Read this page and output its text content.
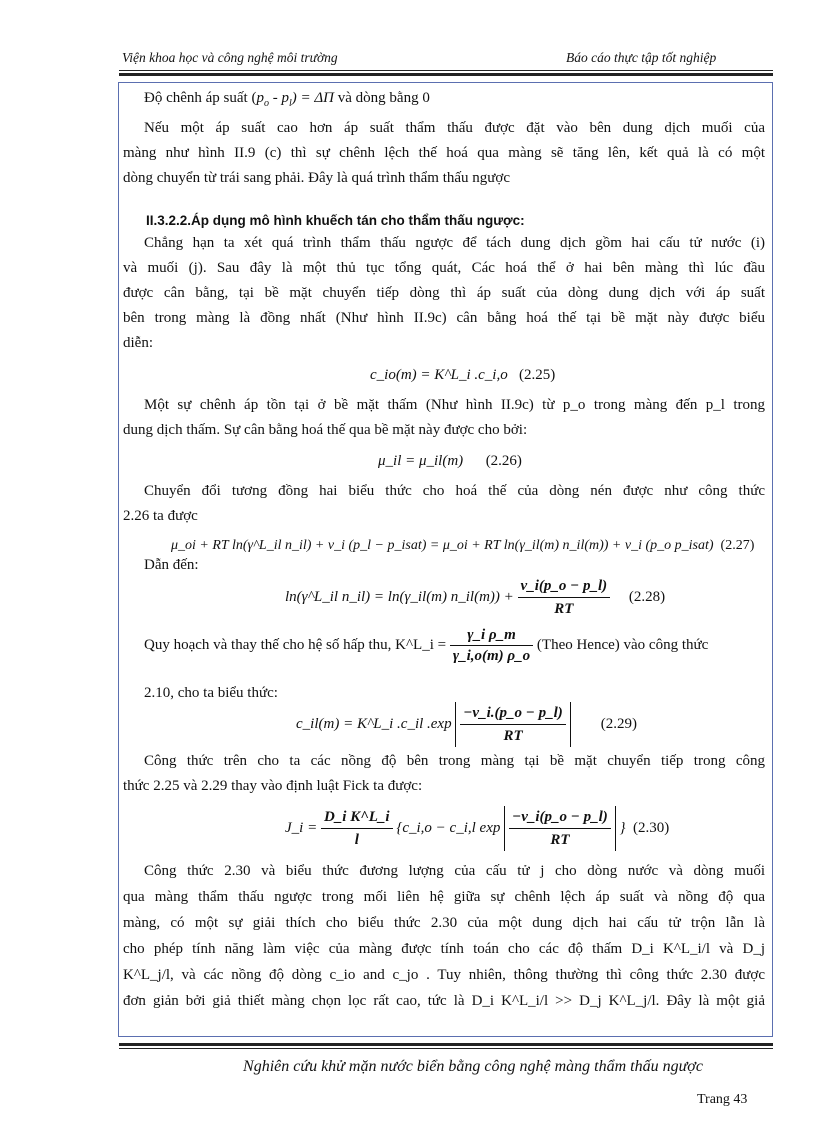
Viện khoa học và công nghệ môi trường	Báo cáo thực tập tốt nghiệp
Độ chênh áp suất $(p_o - p_l) = \Delta\Pi$ và dòng bằng 0
Nếu một áp suất cao hơn áp suất thẩm thấu được đặt vào bên dung dịch muối của
màng như hình II.9 (c) thì sự chênh lệch thế hoá qua màng sẽ tăng lên, kết quả là có một
dòng chuyển từ trái sang phải. Đây là quá trình thẩm thấu ngược
II.3.2.2.Áp dụng mô hình khuếch tán cho thẩm thấu ngược:
Chẳng hạn ta xét quá trình thẩm thấu ngược để tách dung dịch gồm hai cấu tử nước (i)
và muối (j). Sau đây là một thủ tục tổng quát, Các hoá thể ở hai bên màng thì lúc đầu
được cân bằng, tại bề mặt chuyển tiếp dòng thì áp suất của dòng dung dịch với áp suất
bên trong màng là đồng nhất (Như hình II.9c) cân bằng hoá thế tại bề mặt này được biểu
diễn:
c_io(m) = K^L_i .c_i,o (2.25)
Một sự chênh áp tồn tại ở bề mặt thấm (Như hình II.9c) từ p_o trong màng đến p_l trong
dung dịch thấm. Sự cân bằng hoá thế qua bề mặt này được cho bởi:
μ_il = μ_il(m) (2.26)
Chuyển đổi tương đồng hai biểu thức cho hoá thế của dòng nén được như công thức
2.26 ta được
μ_oi + RT ln(γ^L_il n_il) + v_i (p_l − p_isat) = μ_oi + RT ln(γ_il(m) n_il(m)) + v_i (p_o p_isat) (2.27)
Dẫn đến:
ln(γ^L_il n_il) = ln(γ_il(m) n_il(m)) + $\frac{v\_i(p\_o - p\_l)}{RT} (2.28)$
Quy hoạch và thay thế cho hệ số hấp thu, K^L_i = $\frac{\text{γ\_i ρ\_m}}{\gamma\_i,o(m) \rho\_o}$ (Theo Hence) vào công thức
2.10, cho ta biểu thức:
c_il(m) = K^L_i .c_il $.\exp \frac{-v\_i.(p\_o - p\_l)}{RT} (2.29)$
Công thức trên cho ta các nồng độ bên trong màng tại bề mặt chuyển tiếp trong công
thức 2.25 và 2.29 thay vào định luật Fick ta được:
J_i = $\frac{\text{D\_i K\textasciicircum{}L\_i}}{l}$ {c_i,o − c_i,l $\exp \frac{-v\_i(p\_o - p\_l)}{RT}$ } (2.30)
Công thức 2.30 và biểu thức đương lượng của cấu tử j cho dòng nước và dòng muối
qua màng thẩm thấu ngược trong mối liên hệ giữa sự chênh lệch áp suất và nồng độ qua
màng, có một sự giải thích cho biểu thức 2.30 của một dung dịch hai cấu tử trộn lẫn là
cho phép tính năng làm việc của màng được tính toán cho các độ thấm D_i K^L_i/l và D_j
K^L_j/l, và các nồng độ dòng c_io and c_jo . Tuy nhiên, thông thường thì công thức 2.30 được
đơn giản bởi giả thiết màng chọn lọc rất cao, tức là D_i K^L_i/l >> D_j K^L_j/l. Đây là một giả
Nghiên cứu khử mặn nước biển bằng công nghệ màng thẩm thấu ngược
Trang 43
